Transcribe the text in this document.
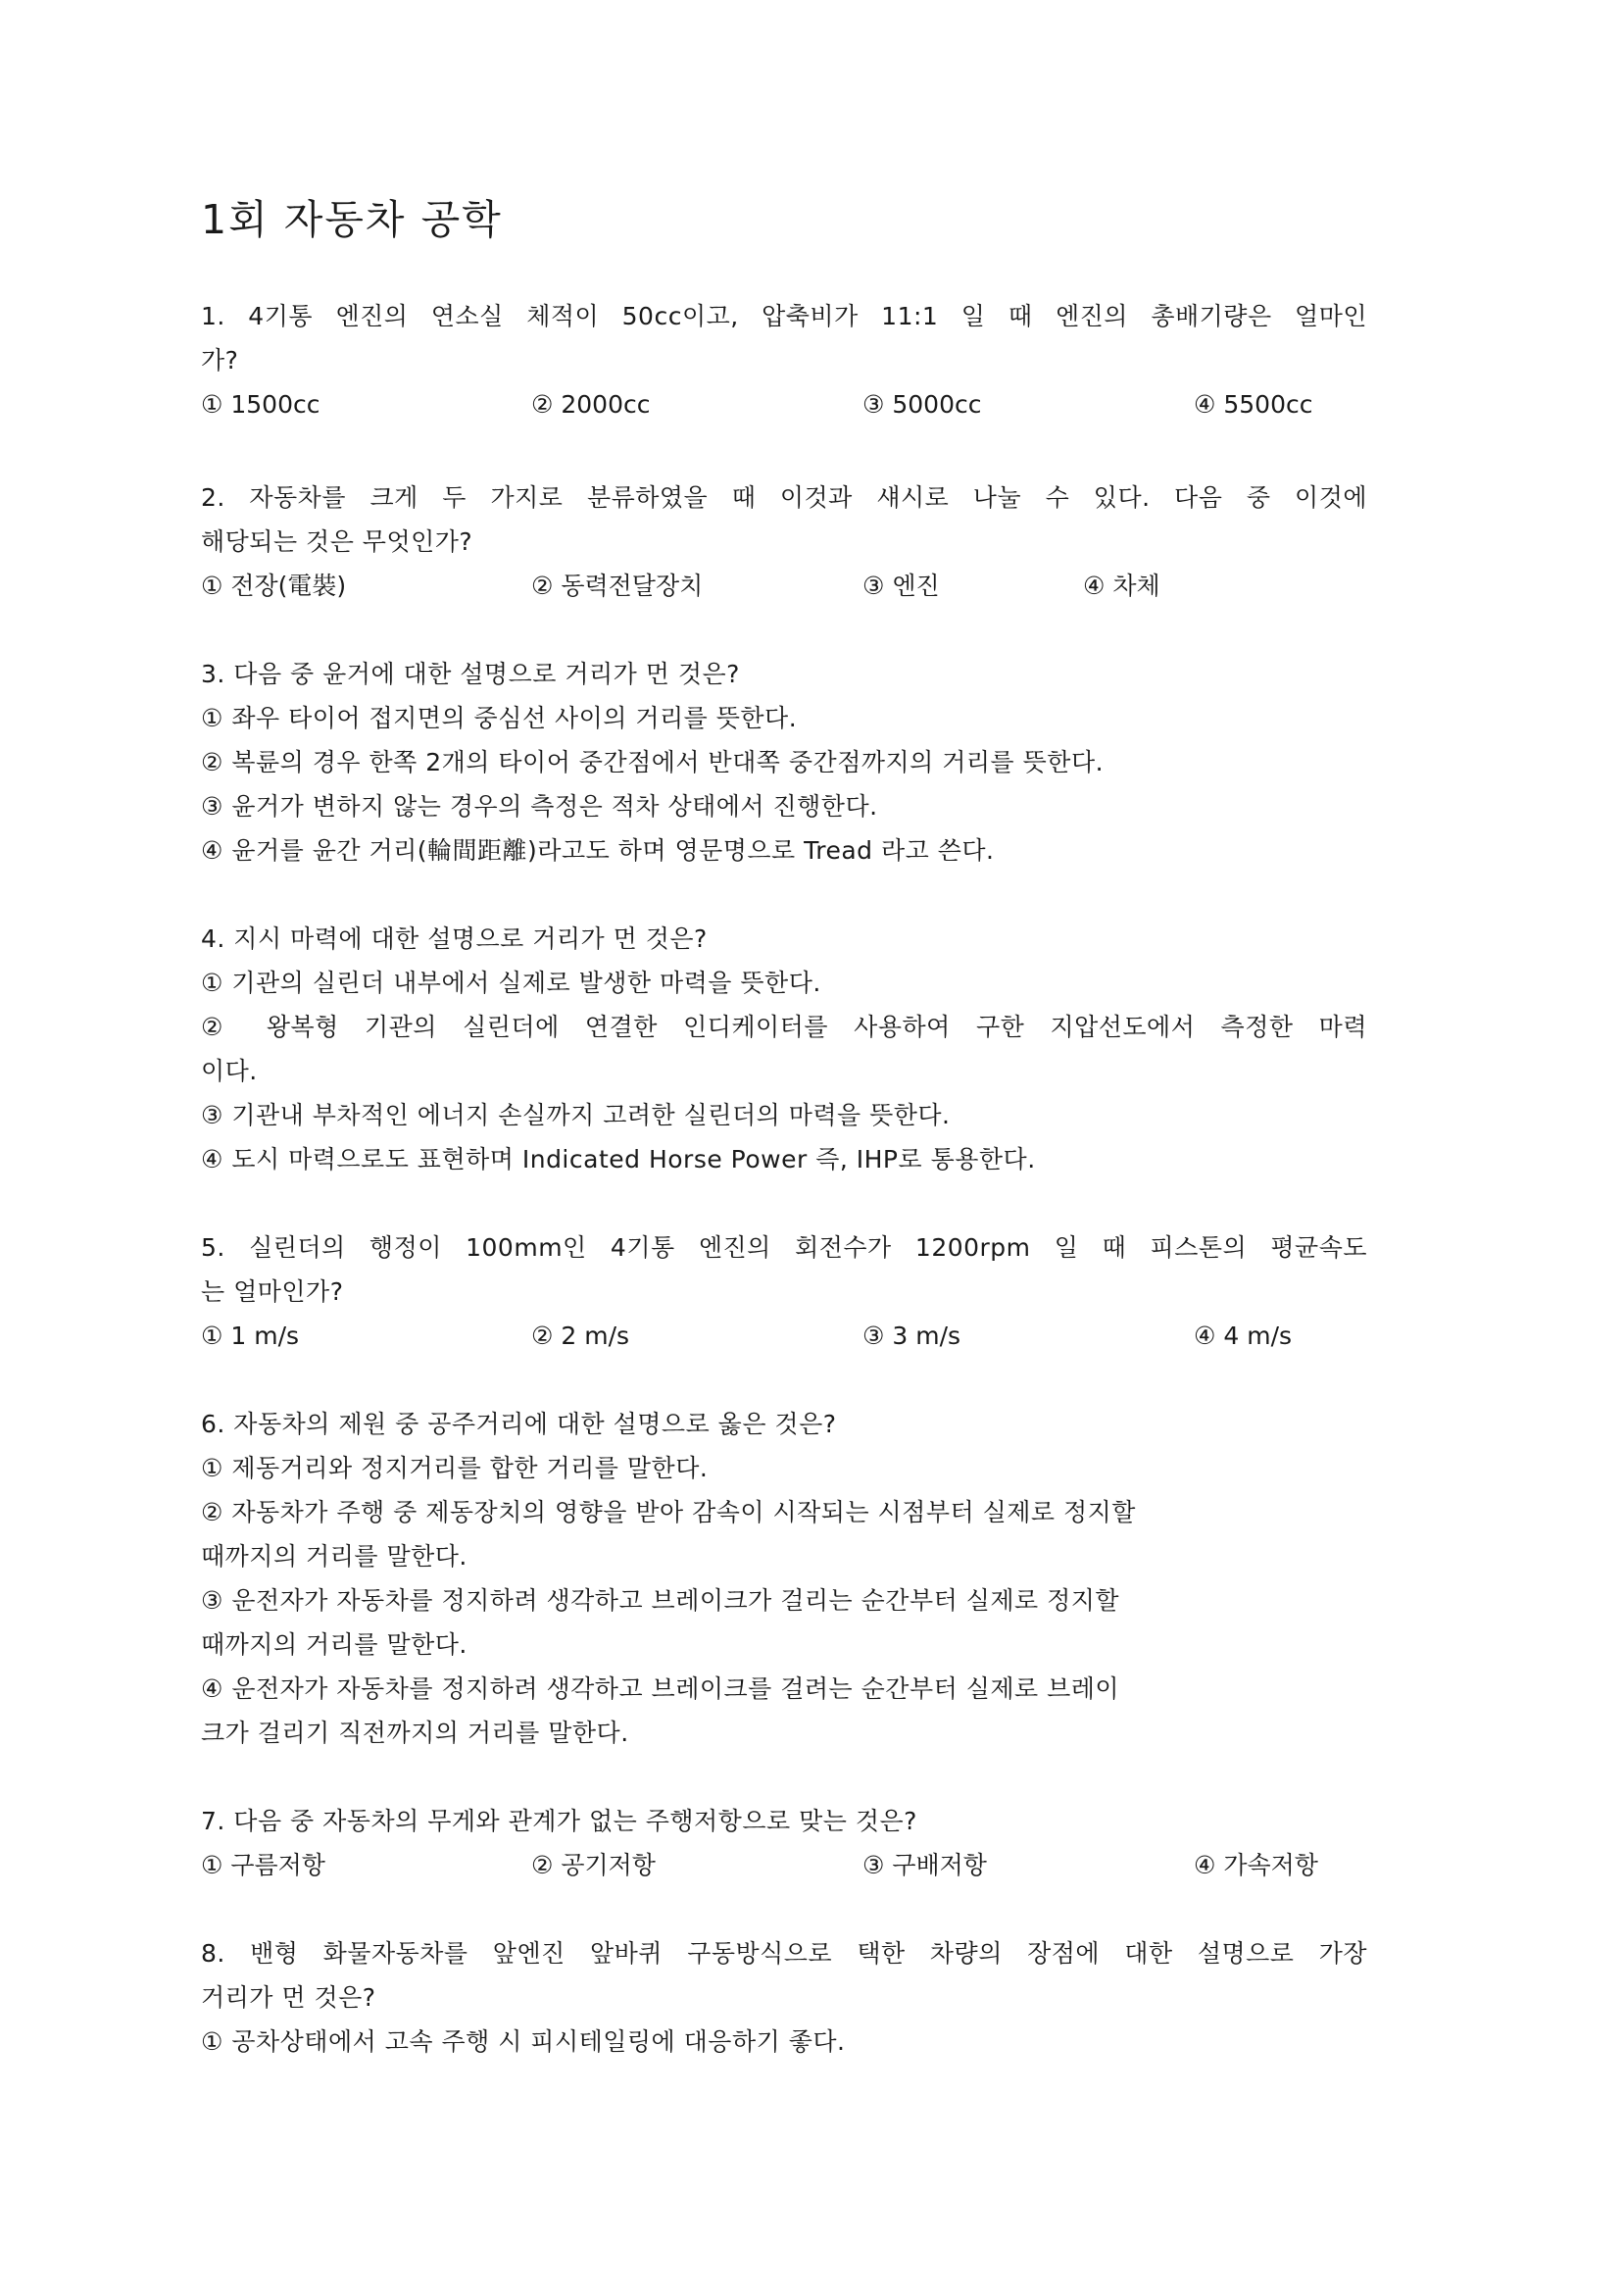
1회 자동차 공학
1. 4기통 엔진의 연소실 체적이 50cc이고, 압축비가 11:1 일 때 엔진의 총배기량은 얼마인
가?
① 1500cc	② 2000cc	③ 5000cc	④ 5500cc
2. 자동차를 크게 두 가지로 분류하였을 때 이것과 섀시로 나눌 수 있다. 다음 중 이것에
해당되는 것은 무엇인가?
① 전장(電裝)	② 동력전달장치	③ 엔진	④ 차체
3. 다음 중 윤거에 대한 설명으로 거리가 먼 것은?
① 좌우 타이어 접지면의 중심선 사이의 거리를 뜻한다.
② 복륜의 경우 한쪽 2개의 타이어 중간점에서 반대쪽 중간점까지의 거리를 뜻한다.
③ 윤거가 변하지 않는 경우의 측정은 적차 상태에서 진행한다.
④ 윤거를 윤간 거리(輪間距離)라고도 하며 영문명으로 Tread 라고 쓴다.
4. 지시 마력에 대한 설명으로 거리가 먼 것은?
① 기관의 실린더 내부에서 실제로 발생한 마력을 뜻한다.
② 왕복형 기관의 실린더에 연결한 인디케이터를 사용하여 구한 지압선도에서 측정한 마력
이다.
③ 기관내 부차적인 에너지 손실까지 고려한 실린더의 마력을 뜻한다.
④ 도시 마력으로도 표현하며 Indicated Horse Power 즉, IHP로 통용한다.
5. 실린더의 행정이 100mm인 4기통 엔진의 회전수가 1200rpm 일 때 피스톤의 평균속도
는 얼마인가?
① 1 m/s	② 2 m/s	③ 3 m/s	④ 4 m/s
6. 자동차의 제원 중 공주거리에 대한 설명으로 옳은 것은?
① 제동거리와 정지거리를 합한 거리를 말한다.
② 자동차가 주행 중 제동장치의 영향을 받아 감속이 시작되는 시점부터 실제로 정지할
때까지의 거리를 말한다.
③ 운전자가 자동차를 정지하려 생각하고 브레이크가 걸리는 순간부터 실제로 정지할
때까지의 거리를 말한다.
④ 운전자가 자동차를 정지하려 생각하고 브레이크를 걸려는 순간부터 실제로 브레이
크가 걸리기 직전까지의 거리를 말한다.
7. 다음 중 자동차의 무게와 관계가 없는 주행저항으로 맞는 것은?
① 구름저항	② 공기저항	③ 구배저항	④ 가속저항
8. 밴형 화물자동차를 앞엔진 앞바퀴 구동방식으로 택한 차량의 장점에 대한 설명으로 가장
거리가 먼 것은?
① 공차상태에서 고속 주행 시 피시테일링에 대응하기 좋다.
